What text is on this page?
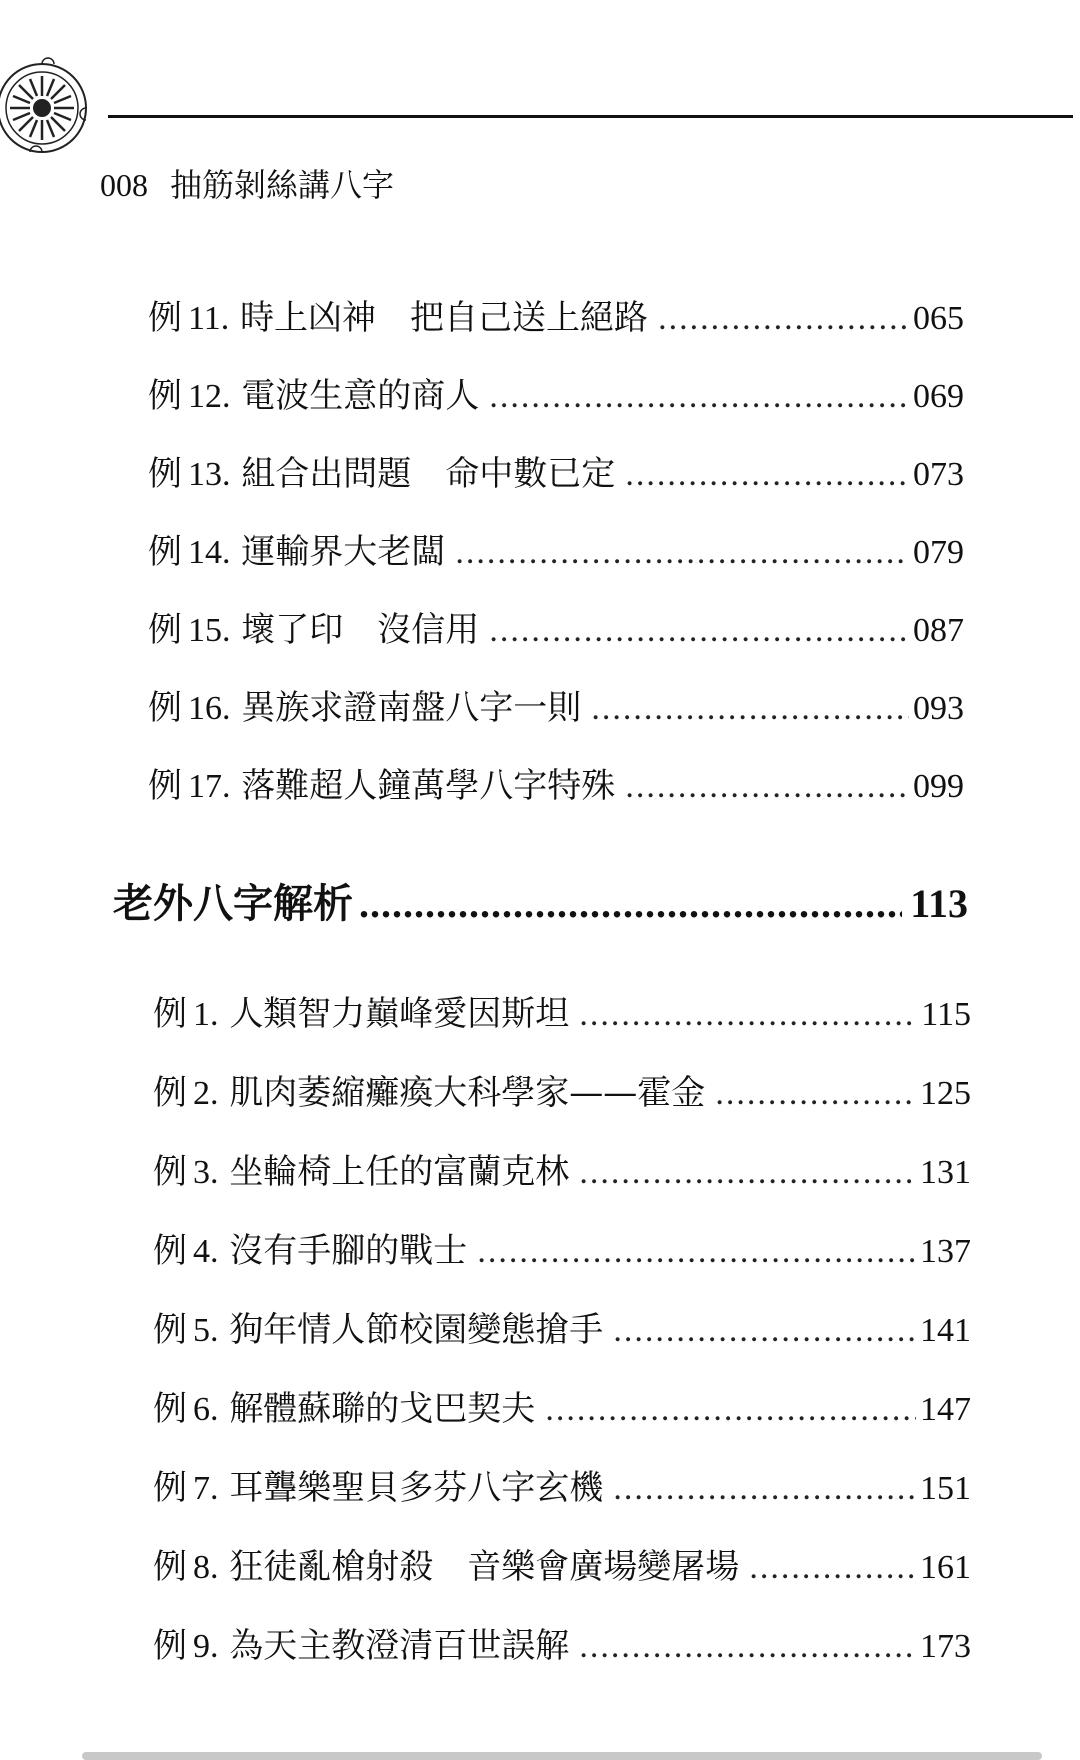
008 抽筋剝絲講八字
例 11. 時上凶神　把自己送上絕路 .....	065
例 12. 電波生意的商人 .....	069
例 13. 組合出問題　命中數已定 .....	073
例 14. 運輸界大老闆 .....	079
例 15. 壞了印　沒信用 .....	087
例 16. 異族求證南盤八字一則 .....	093
例 17. 落難超人鐘萬學八字特殊 .....	099
老外八字解析 .....	113
例 1. 人類智力巔峰愛因斯坦 .....	115
例 2. 肌肉萎縮癱瘓大科學家——霍金 .....	125
例 3. 坐輪椅上任的富蘭克林 .....	131
例 4. 沒有手腳的戰士 .....	137
例 5. 狗年情人節校園變態搶手 .....	141
例 6. 解體蘇聯的戈巴契夫 .....	147
例 7. 耳聾樂聖貝多芬八字玄機 .....	151
例 8. 狂徒亂槍射殺　音樂會廣場變屠場 .....	161
例 9. 為天主教澄清百世誤解 .....	173
